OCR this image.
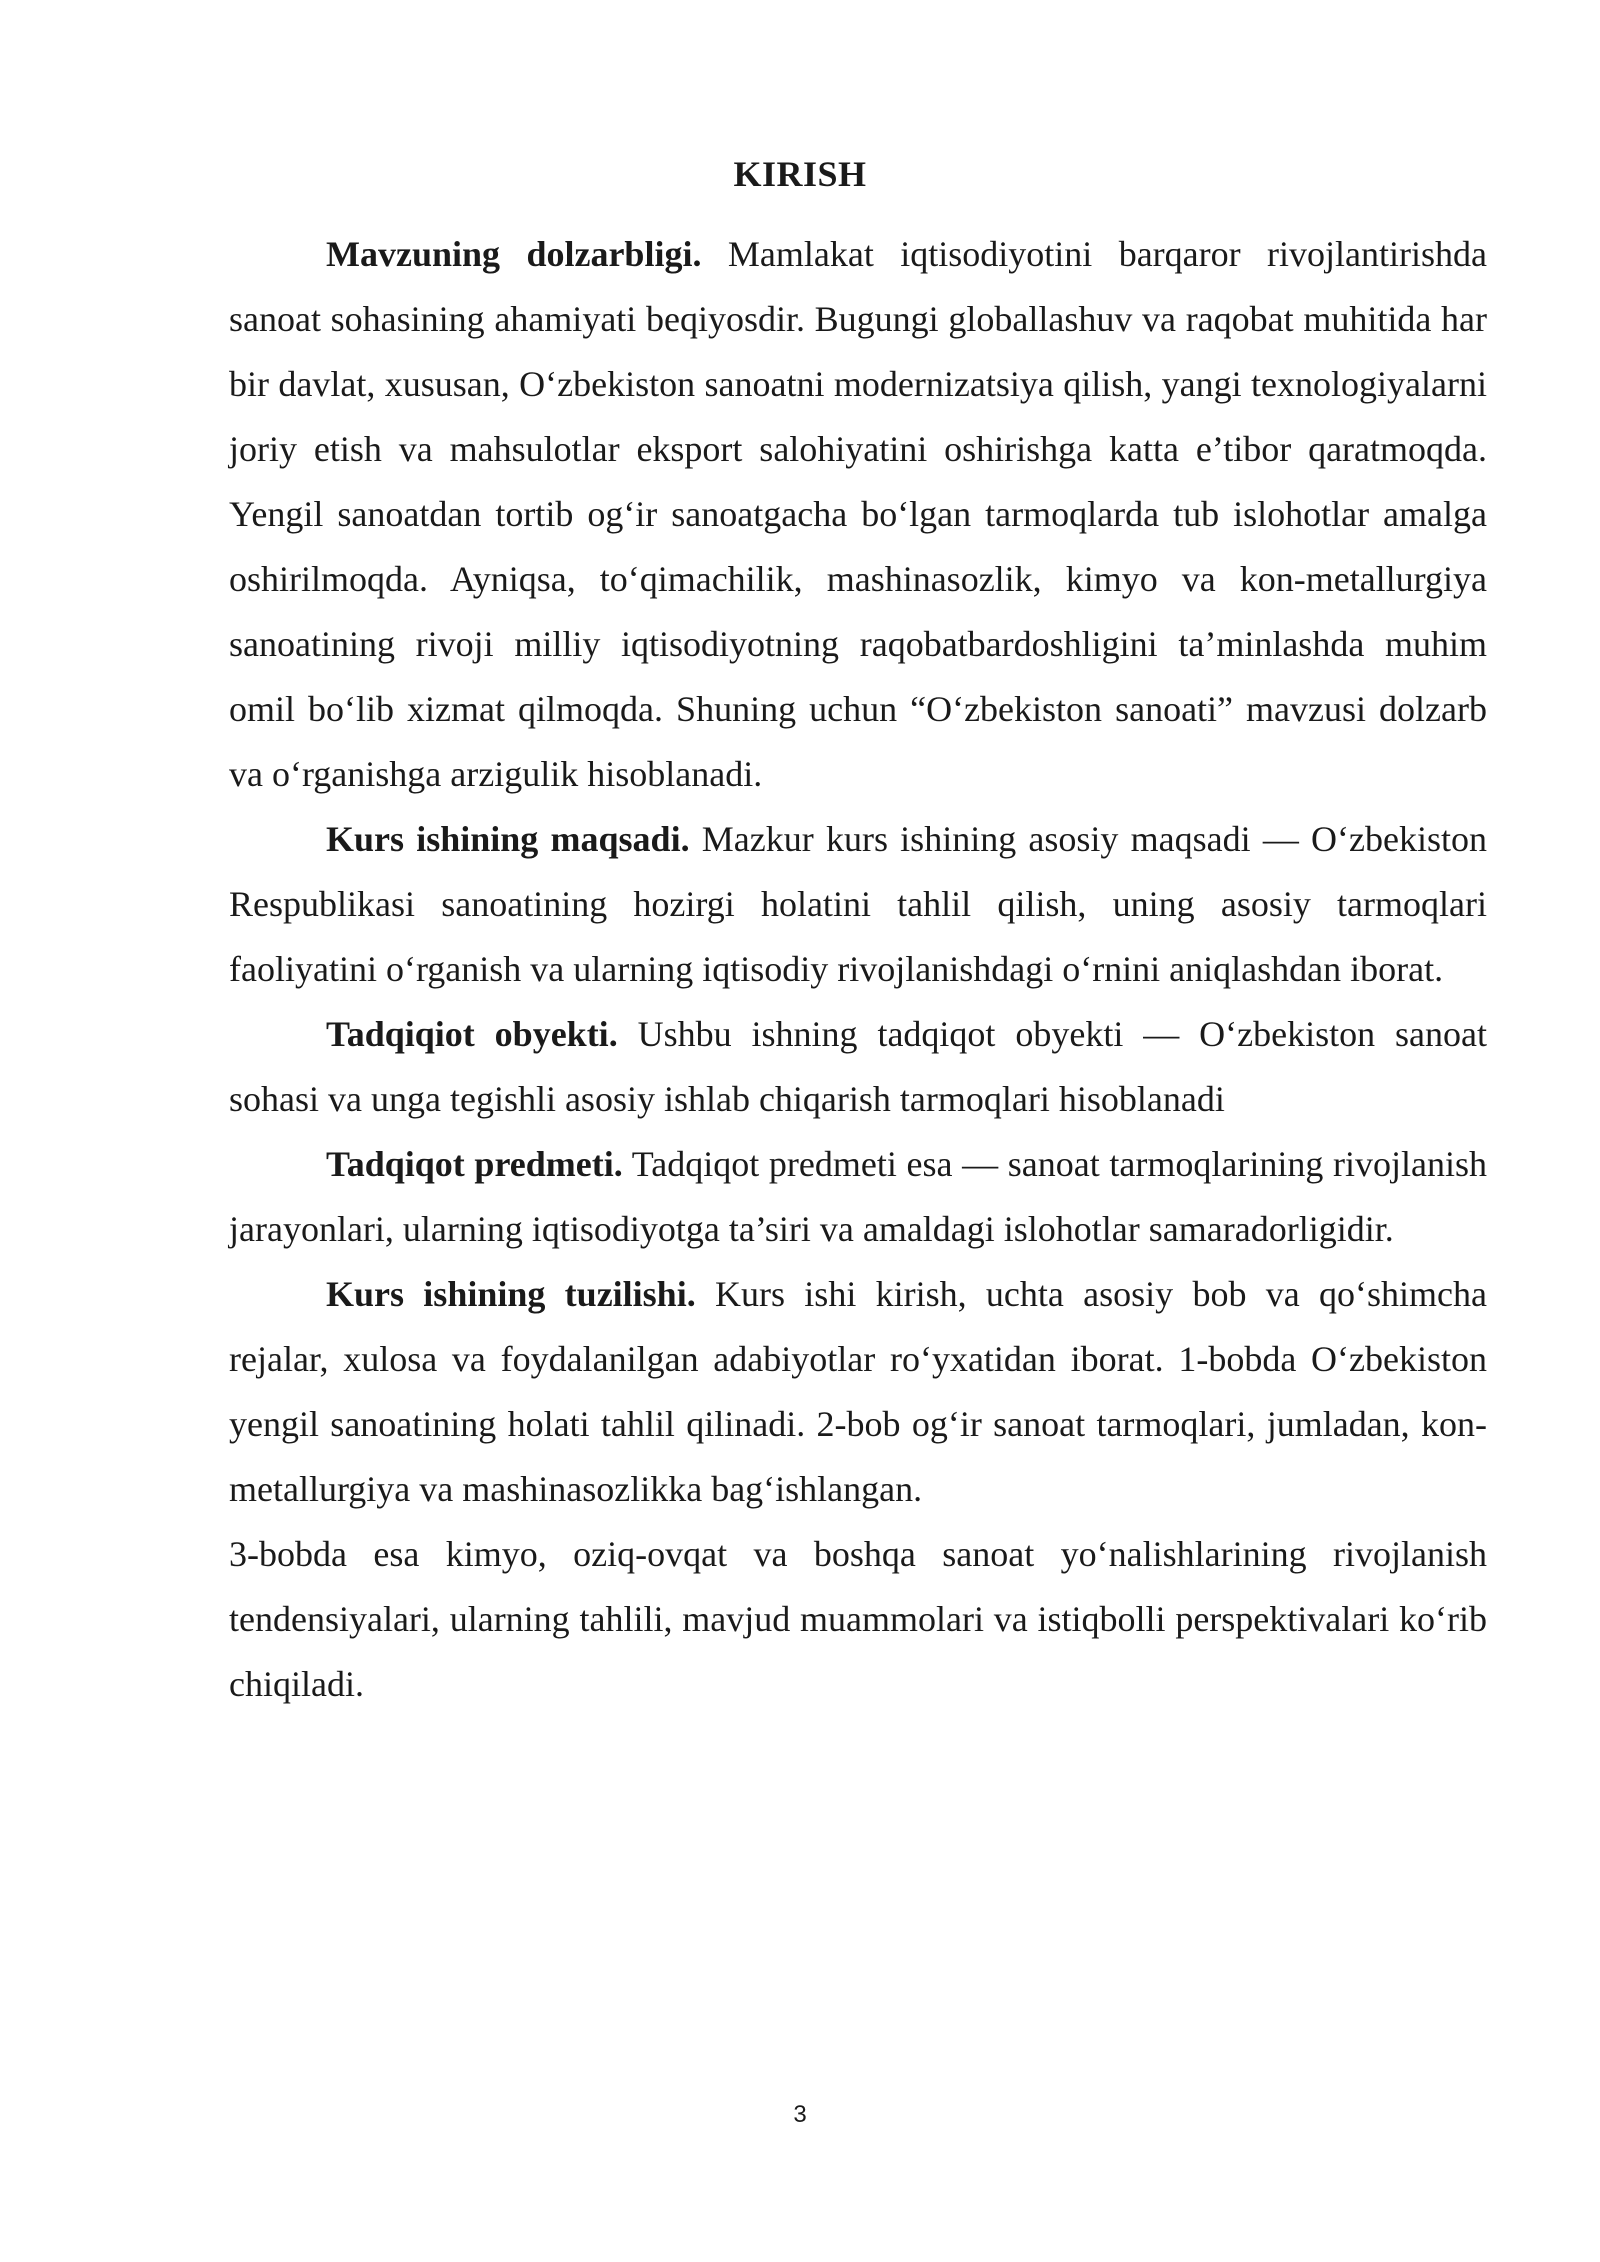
KIRISH

Mavzuning dolzarbligi. Mamlakat iqtisodiyotini barqaror rivojlantirishda sanoat sohasining ahamiyati beqiyosdir. Bugungi globallashuv va raqobat muhitida har bir davlat, xususan, O‘zbekiston sanoatni modernizatsiya qilish, yangi texnologiyalarni joriy etish va mahsulotlar eksport salohiyatini oshirishga katta e’tibor qaratmoqda. Yengil sanoatdan tortib og‘ir sanoatgacha bo‘lgan tarmoqlarda tub islohotlar amalga oshirilmoqda. Ayniqsa, to‘qimachilik, mashinasozlik, kimyo va kon-metallurgiya sanoatining rivoji milliy iqtisodiyotning raqobatbardoshligini ta’minlashda muhim omil bo‘lib xizmat qilmoqda. Shuning uchun “O‘zbekiston sanoati” mavzusi dolzarb va o‘rganishga arzigulik hisoblanadi.

Kurs ishining maqsadi. Mazkur kurs ishining asosiy maqsadi — O‘zbekiston Respublikasi sanoatining hozirgi holatini tahlil qilish, uning asosiy tarmoqlari faoliyatini o‘rganish va ularning iqtisodiy rivojlanishdagi o‘rnini aniqlashdan iborat.

Tadqiqiot obyekti. Ushbu ishning tadqiqot obyekti — O‘zbekiston sanoat sohasi va unga tegishli asosiy ishlab chiqarish tarmoqlari hisoblanadi

Tadqiqot predmeti. Tadqiqot predmeti esa — sanoat tarmoqlarining rivojlanish jarayonlari, ularning iqtisodiyotga ta’siri va amaldagi islohotlar samaradorligidir.

Kurs ishining tuzilishi. Kurs ishi kirish, uchta asosiy bob va qo‘shimcha rejalar, xulosa va foydalanilgan adabiyotlar ro‘yxatidan iborat. 1-bobda O‘zbekiston yengil sanoatining holati tahlil qilinadi. 2-bob og‘ir sanoat tarmoqlari, jumladan, kon-metallurgiya va mashinasozlikka bag‘ishlangan.

3-bobda esa kimyo, oziq-ovqat va boshqa sanoat yo‘nalishlarining rivojlanish tendensiyalari, ularning tahlili, mavjud muammolari va istiqbolli perspektivalari ko‘rib chiqiladi.

3
